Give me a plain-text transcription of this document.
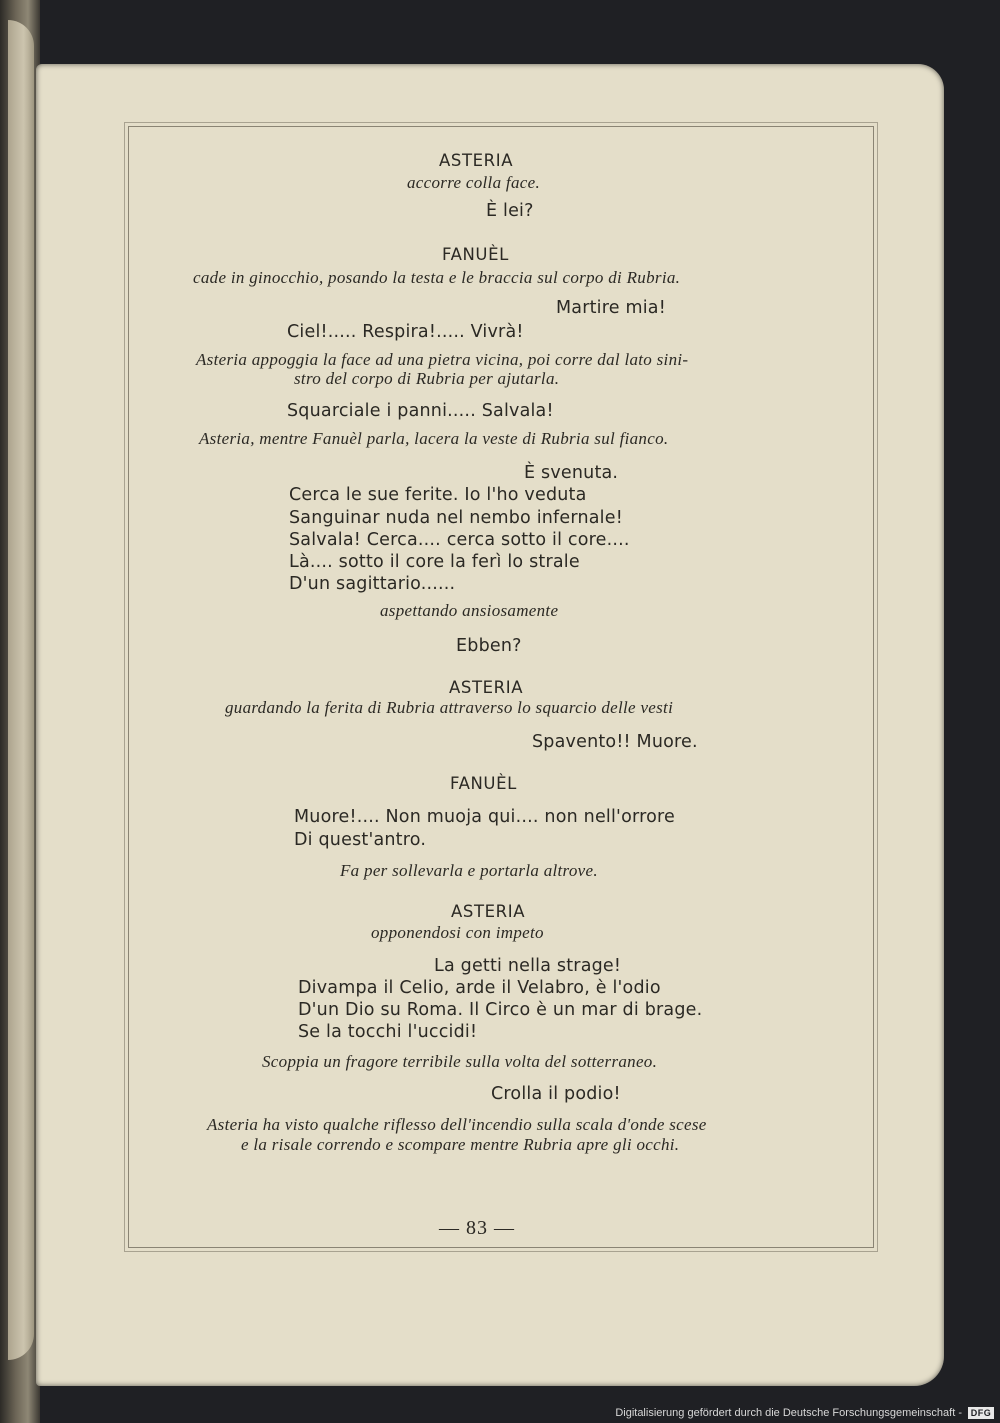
ASTERIA
accorre colla face.
È lei?
FANUÈL
cade in ginocchio, posando la testa e le braccia sul corpo di Rubria.
Martire mia!
Ciel!..... Respira!..... Vivrà!
Asteria appoggia la face ad una pietra vicina, poi corre dal lato sini-
stro del corpo di Rubria per ajutarla.
Squarciale i panni..... Salvala!
Asteria, mentre Fanuèl parla, lacera la veste di Rubria sul fianco.
È svenuta.
Cerca le sue ferite. Io l'ho veduta
Sanguinar nuda nel nembo infernale!
Salvala! Cerca.... cerca sotto il core....
Là.... sotto il core la ferì lo strale
D'un sagittario......
aspettando ansiosamente
Ebben?
ASTERIA
guardando la ferita di Rubria attraverso lo squarcio delle vesti
Spavento!! Muore.
FANUÈL
Muore!.... Non muoja qui.... non nell'orrore
Di quest'antro.
Fa per sollevarla e portarla altrove.
ASTERIA
opponendosi con impeto
La getti nella strage!
Divampa il Celio, arde il Velabro, è l'odio
D'un Dio su Roma. Il Circo è un mar di brage.
Se la tocchi l'uccidi!
Scoppia un fragore terribile sulla volta del sotterraneo.
Crolla il podio!
Asteria ha visto qualche riflesso dell'incendio sulla scala d'onde scese
e la risale correndo e scompare mentre Rubria apre gli occhi.
— 83 —
Digitalisierung gefördert durch die Deutsche Forschungsgemeinschaft - DFG
